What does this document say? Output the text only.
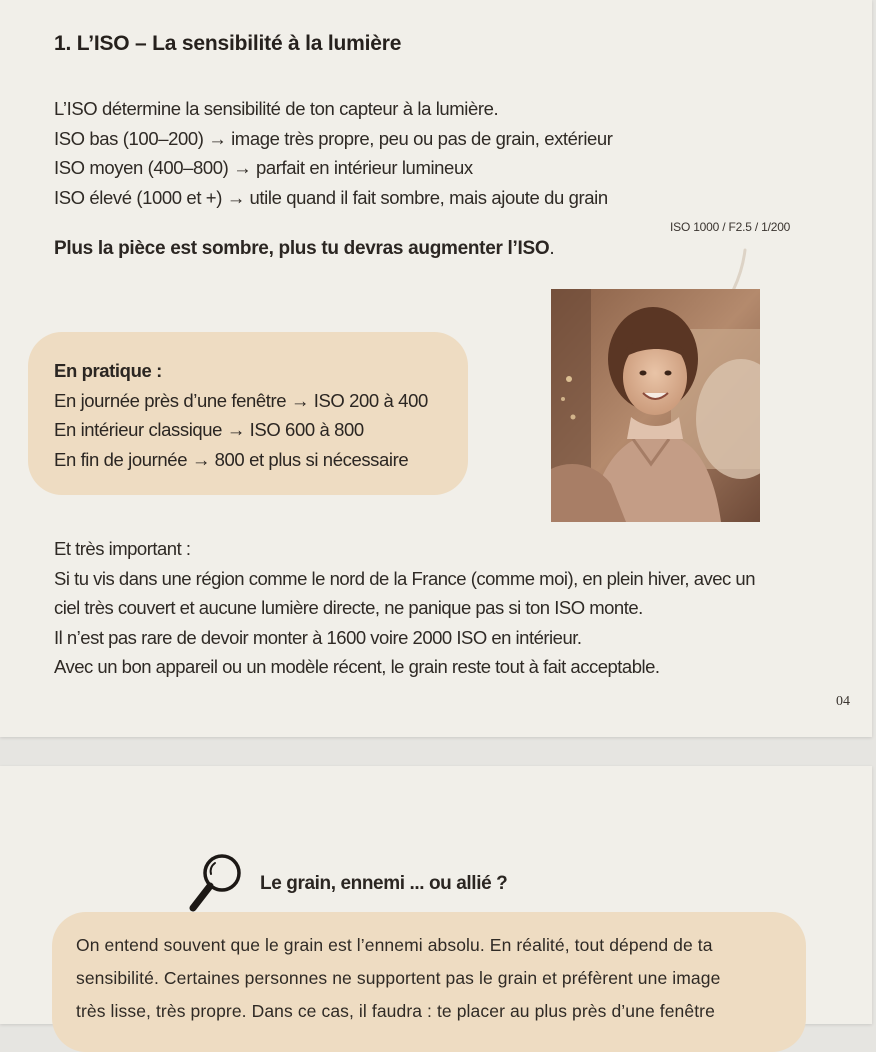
1. L’ISO – La sensibilité à la lumière
L’ISO détermine la sensibilité de ton capteur à la lumière.
ISO bas (100–200) → image très propre, peu ou pas de grain, extérieur
ISO moyen (400–800) → parfait en intérieur lumineux
ISO élevé (1000 et +) → utile quand il fait sombre, mais ajoute du grain
Plus la pièce est sombre, plus tu devras augmenter l’ISO.
ISO 1000 / F2.5 / 1/200
En pratique :
En journée près d’une fenêtre → ISO 200 à 400
En intérieur classique → ISO 600 à 800
En fin de journée → 800 et plus si nécessaire
Et très important :
Si tu vis dans une région comme le nord de la France (comme moi), en plein hiver, avec un
ciel très couvert et aucune lumière directe, ne panique pas si ton ISO monte.
Il n’est pas rare de devoir monter à 1600 voire 2000 ISO en intérieur.
Avec un bon appareil ou un modèle récent, le grain reste tout à fait acceptable.
04
Le grain, ennemi ... ou allié ?
On entend souvent que le grain est l’ennemi absolu. En réalité, tout dépend de ta
sensibilité. Certaines personnes ne supportent pas le grain et préfèrent une image
très lisse, très propre. Dans ce cas, il faudra : te placer au plus près d’une fenêtre
